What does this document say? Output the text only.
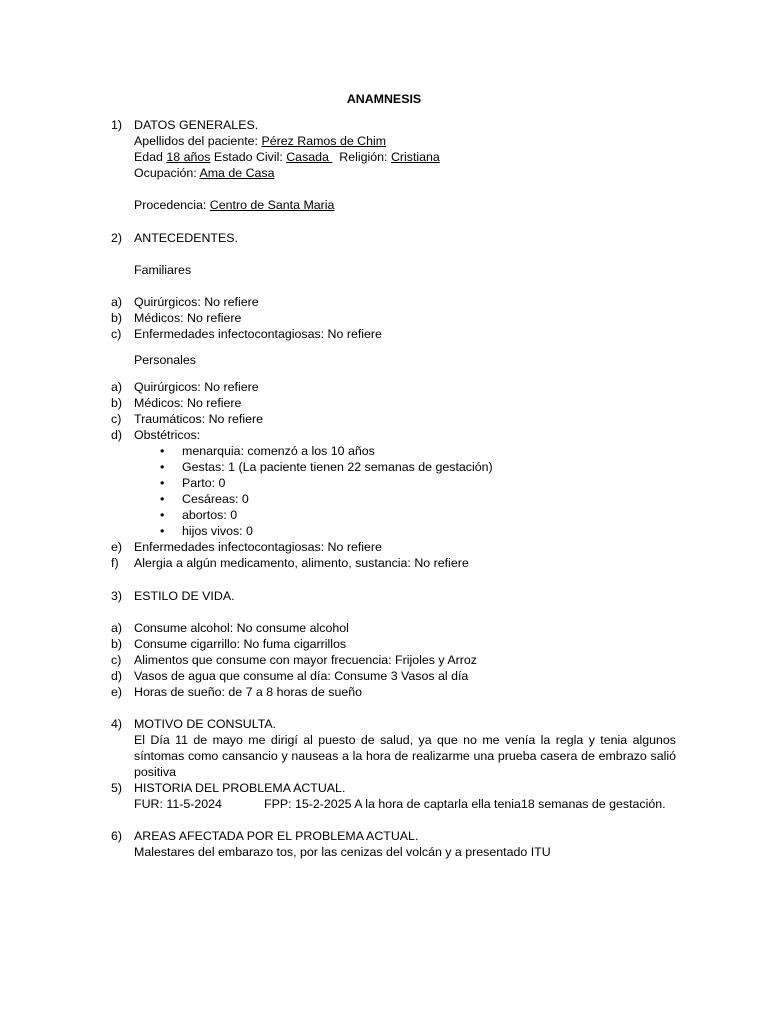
ANAMNESIS
1) DATOS GENERALES.
Apellidos del paciente: Pérez Ramos de Chim
Edad 18 años Estado Civil: Casada   Religión: Cristiana
Ocupación: Ama de Casa
Procedencia: Centro de Santa Maria
2) ANTECEDENTES.
Familiares
a) Quirúrgicos: No refiere
b) Médicos: No refiere
c) Enfermedades infectocontagiosas: No refiere
Personales
a) Quirúrgicos: No refiere
b) Médicos: No refiere
c) Traumáticos: No refiere
d) Obstétricos:
• menarquia: comenzó a los 10 años
• Gestas: 1 (La paciente tienen 22 semanas de gestación)
• Parto: 0
• Cesáreas: 0
• abortos: 0
• hijos vivos: 0
e) Enfermedades infectocontagiosas: No refiere
f) Alergia a algún medicamento, alimento, sustancia: No refiere
3) ESTILO DE VIDA.
a) Consume alcohol: No consume alcohol
b) Consume cigarrillo: No fuma cigarrillos
c) Alimentos que consume con mayor frecuencia: Frijoles y Arroz
d) Vasos de agua que consume al día: Consume 3 Vasos al día
e) Horas de sueño: de 7 a 8 horas de sueño
4) MOTIVO DE CONSULTA.
El Día 11 de mayo me dirigí al puesto de salud, ya que no me venía la regla y tenia algunos síntomas como cansancio y nauseas a la hora de realizarme una prueba casera de embrazo salió positiva
5) HISTORIA DEL PROBLEMA ACTUAL.
FUR: 11-5-2024	FPP: 15-2-2025 A la hora de captarla ella tenia18 semanas de gestación.
6) AREAS AFECTADA POR EL PROBLEMA ACTUAL.
Malestares del embarazo tos, por las cenizas del volcán y a presentado ITU
